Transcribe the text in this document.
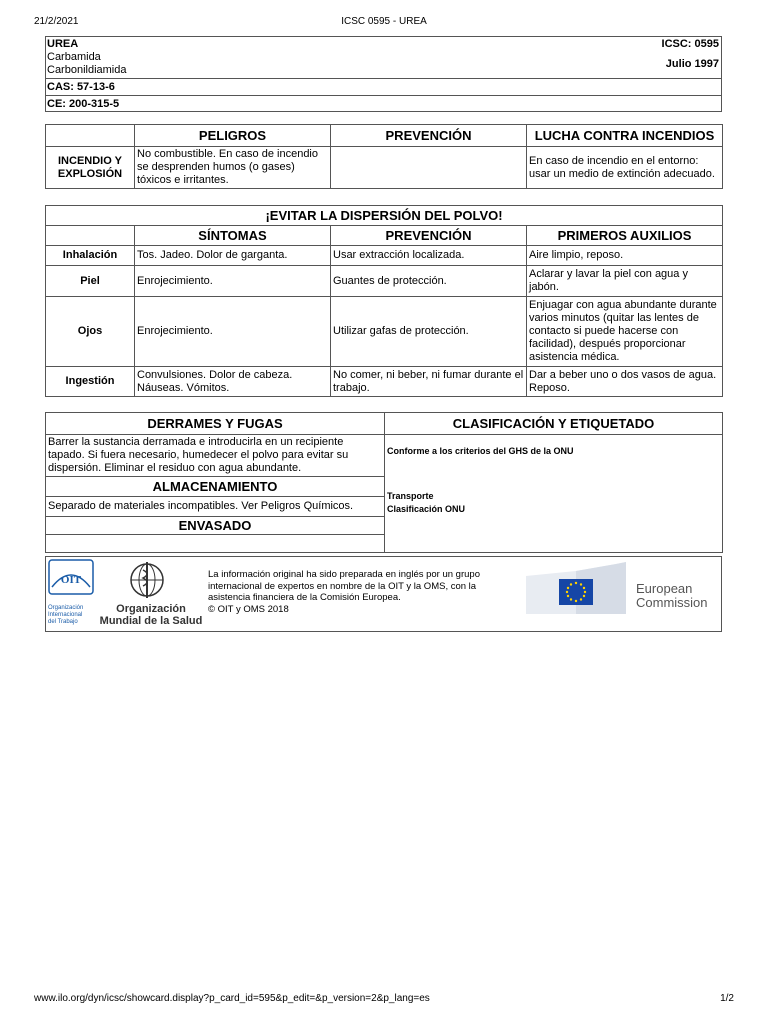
21/2/2021	ICSC 0595 - UREA
UREA
Carbamida
Carbonildiamida
ICSC: 0595
Julio 1997
CAS: 57-13-6
CE: 200-315-5
	PELIGROS	PREVENCIÓN	LUCHA CONTRA INCENDIOS
INCENDIO Y
EXPLOSIÓN	No combustible. En caso de incendio se desprenden humos (o gases) tóxicos e irritantes.		En caso de incendio en el entorno: usar un medio de extinción adecuado.
¡EVITAR LA DISPERSIÓN DEL POLVO!			
	SÍNTOMAS	PREVENCIÓN	PRIMEROS AUXILIOS
Inhalación	Tos. Jadeo. Dolor de garganta.	Usar extracción localizada.	Aire limpio, reposo.
Piel	Enrojecimiento.	Guantes de protección.	Aclarar y lavar la piel con agua y jabón.
Ojos	Enrojecimiento.	Utilizar gafas de protección.	Enjuagar con agua abundante durante varios minutos (quitar las lentes de contacto si puede hacerse con facilidad), después proporcionar asistencia médica.
Ingestión	Convulsiones. Dolor de cabeza. Náuseas. Vómitos.	No comer, ni beber, ni fumar durante el trabajo.	Dar a beber uno o dos vasos de agua. Reposo.
DERRAMES Y FUGAS	CLASIFICACIÓN Y ETIQUETADO
Barrer la sustancia derramada e introducirla en un recipiente tapado. Si fuera necesario, humedecer el polvo para evitar su dispersión. Eliminar el residuo con agua abundante.	Conforme a los criterios del GHS de la ONU
Transporte
Clasificación ONU

ALMACENAMIENTO	
Separado de materiales incompatibles. Ver Peligros Químicos.	
ENVASADO	

OIT
Organización
Internacional
del Trabajo
Organización
Mundial de la Salud
La información original ha sido preparada en inglés por un grupo
internacional de expertos en nombre de la OIT y la OMS, con la
asistencia financiera de la Comisión Europea.
© OIT y OMS 2018
European
Commission
www.ilo.org/dyn/icsc/showcard.display?p_card_id=595&p_edit=&p_version=2&p_lang=es	1/2
